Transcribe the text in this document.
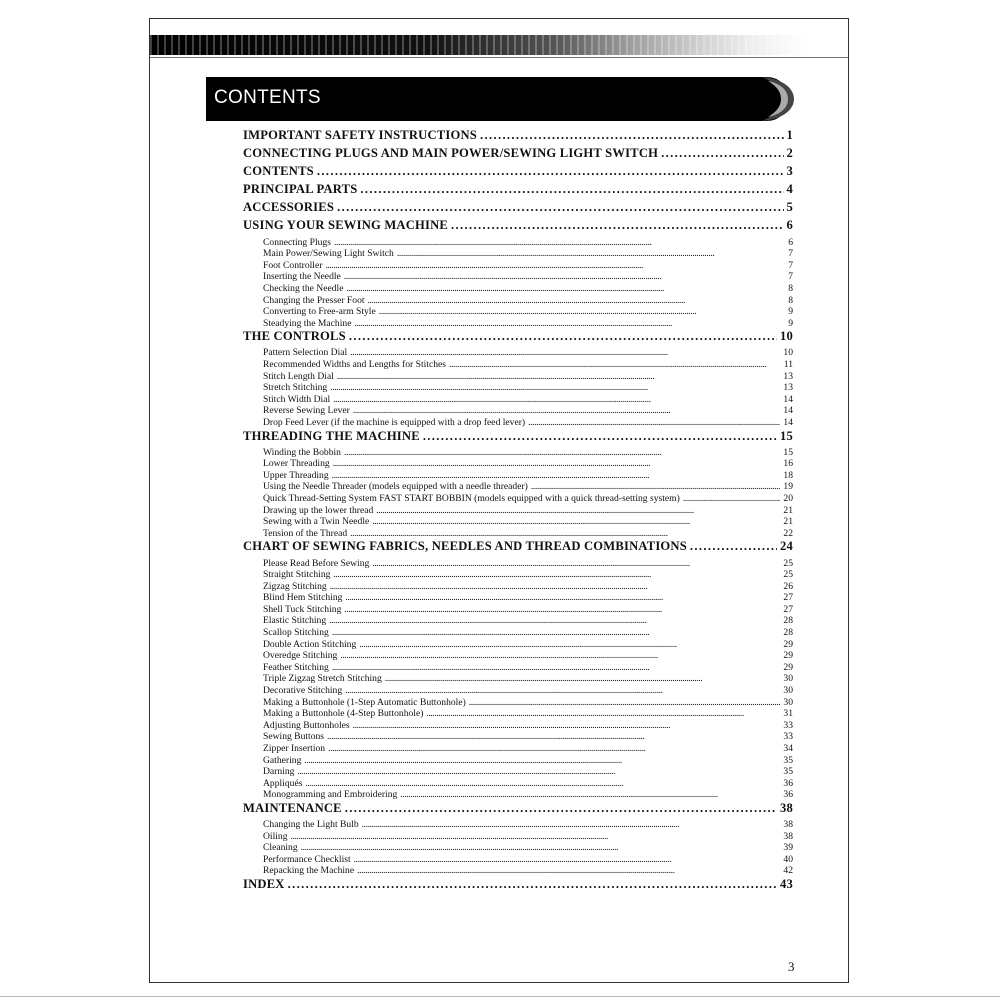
CONTENTS
IMPORTANT SAFETY INSTRUCTIONS . . .	1
CONNECTING PLUGS AND MAIN POWER/SEWING LIGHT SWITCH . . .	2
CONTENTS . . .	3
PRINCIPAL PARTS . . .	4
ACCESSORIES . . .	5
USING YOUR SEWING MACHINE . . .	6
Connecting Plugs . . .	6
Main Power/Sewing Light Switch . . .	7
Foot Controller . . .	7
Inserting the Needle . . .	7
Checking the Needle . . .	8
Changing the Presser Foot . . .	8
Converting to Free-arm Style . . .	9
Steadying the Machine . . .	9
THE CONTROLS . . .	10
Pattern Selection Dial . . .	10
Recommended Widths and Lengths for Stitches . . .	11
Stitch Length Dial . . .	13
Stretch Stitching . . .	13
Stitch Width Dial . . .	14
Reverse Sewing Lever . . .	14
Drop Feed Lever (if the machine is equipped with a drop feed lever) . . .	14
THREADING THE MACHINE . . .	15
Winding the Bobbin . . .	15
Lower Threading . . .	16
Upper Threading . . .	18
Using the Needle Threader (models equipped with a needle threader) . . .	19
Quick Thread-Setting System FAST START BOBBIN (models equipped with a quick thread-setting system) . . .	20
Drawing up the lower thread . . .	21
Sewing with a Twin Needle . . .	21
Tension of the Thread . . .	22
CHART OF SEWING FABRICS, NEEDLES AND THREAD COMBINATIONS . . .	24
Please Read Before Sewing . . .	25
Straight Stitching . . .	25
Zigzag Stitching . . .	26
Blind Hem Stitching . . .	27
Shell Tuck Stitching . . .	27
Elastic Stitching . . .	28
Scallop Stitching . . .	28
Double Action Stitching . . .	29
Overedge Stitching . . .	29
Feather Stitching . . .	29
Triple Zigzag Stretch Stitching . . .	30
Decorative Stitching . . .	30
Making a Buttonhole (1-Step Automatic Buttonhole) . . .	30
Making a Buttonhole (4-Step Buttonhole) . . .	31
Adjusting Buttonholes . . .	33
Sewing Buttons . . .	33
Zipper Insertion . . .	34
Gathering . . .	35
Darning . . .	35
Appliqués . . .	36
Monogramming and Embroidering . . .	36
MAINTENANCE . . .	38
Changing the Light Bulb . . .	38
Oiling . . .	38
Cleaning . . .	39
Performance Checklist . . .	40
Repacking the Machine . . .	42
INDEX . . .	43
3
